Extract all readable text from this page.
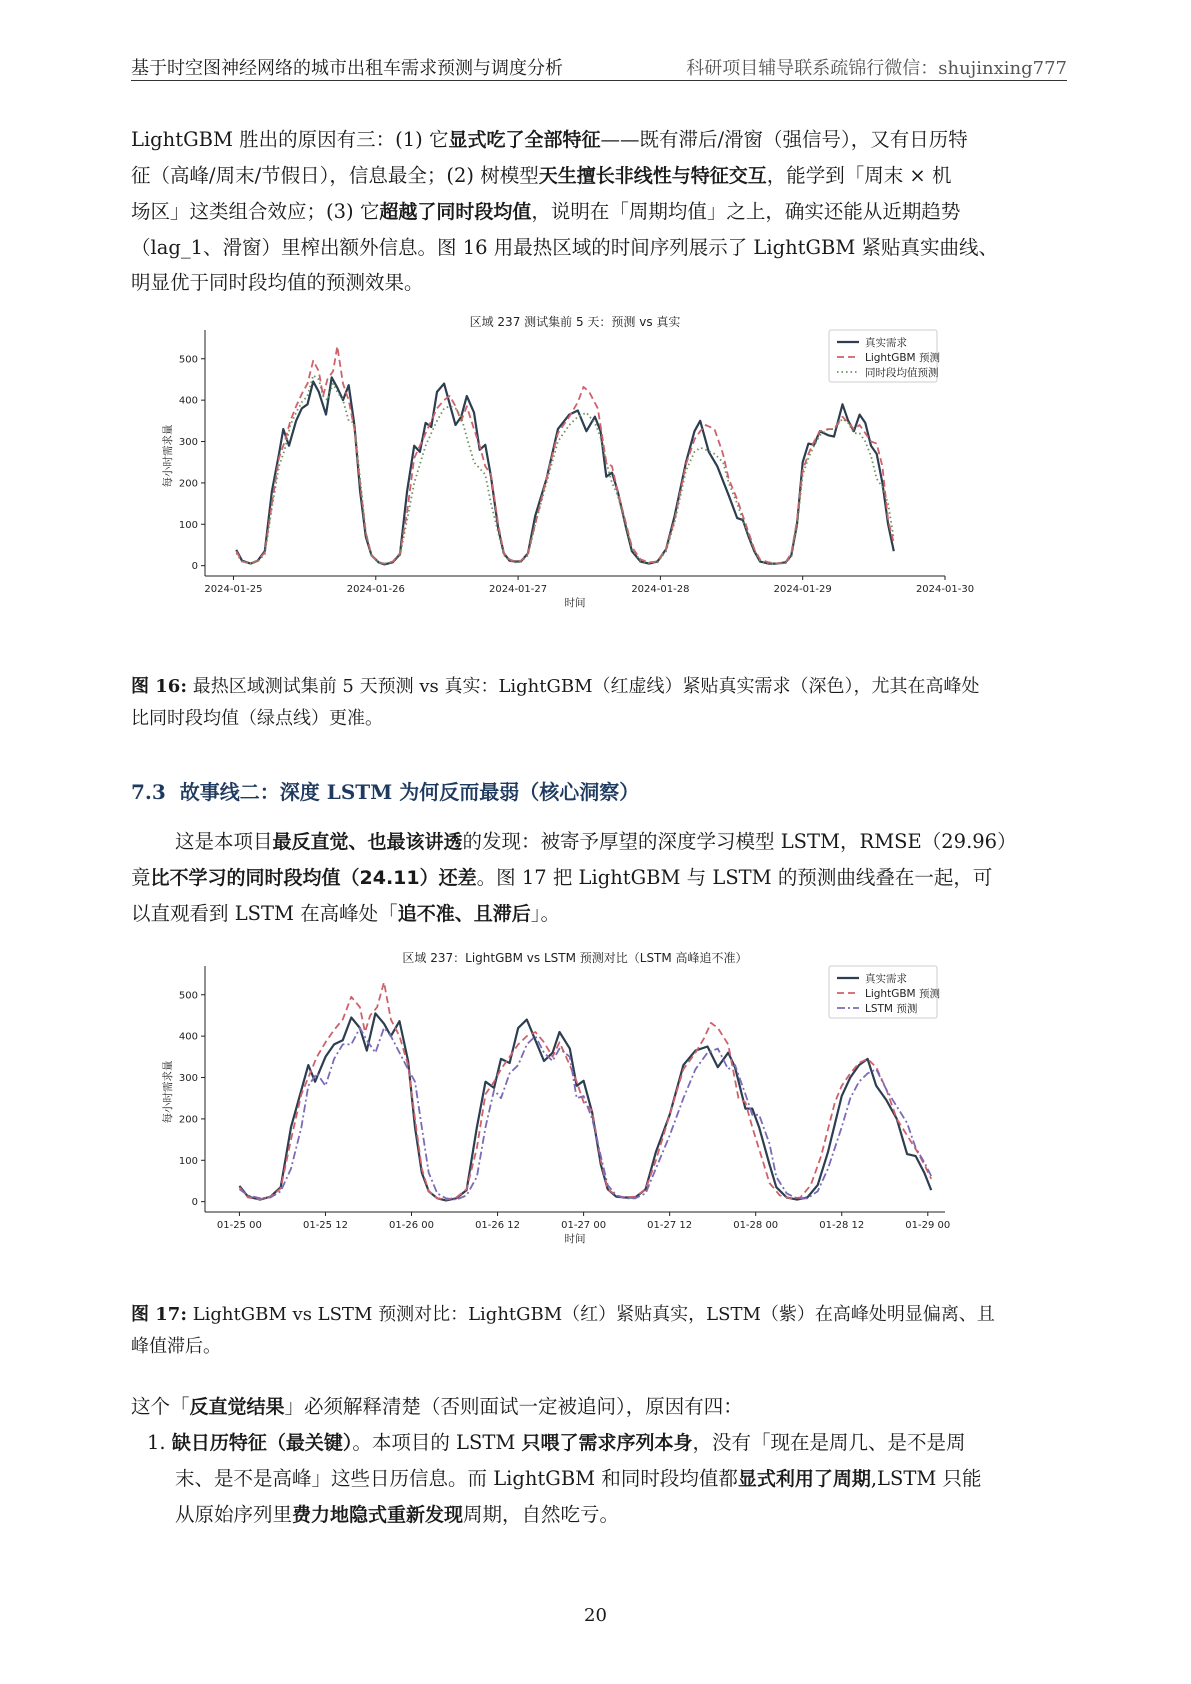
基于时空图神经网络的城市出租车需求预测与调度分析	科研项目辅导联系疏锦行微信：shujinxing777
LightGBM 胜出的原因有三：(1) 它显式吃了全部特征——既有滞后/滑窗（强信号），又有日历特
征（高峰/周末/节假日），信息最全；(2) 树模型天生擅长非线性与特征交互，能学到「周末 × 机
场区」这类组合效应；(3) 它超越了同时段均值，说明在「周期均值」之上，确实还能从近期趋势
（lag_1、滑窗）里榨出额外信息。图 16 用最热区域的时间序列展示了 LightGBM 紧贴真实曲线、
明显优于同时段均值的预测效果。
区域 237 测试集前 5 天：预测 vs 真实
0
100
200
300
400
500
2024-01-25	2024-01-26	2024-01-27	2024-01-28	2024-01-29	2024-01-30
时间
每小时需求量
真实需求
LightGBM 预测
同时段均值预测
图 16: 最热区域测试集前 5 天预测 vs 真实：LightGBM（红虚线）紧贴真实需求（深色），尤其在高峰处
比同时段均值（绿点线）更准。
7.3 故事线二：深度 LSTM 为何反而最弱（核心洞察）
这是本项目最反直觉、也最该讲透的发现：被寄予厚望的深度学习模型 LSTM，RMSE（29.96）
竟比不学习的同时段均值（24.11）还差。图 17 把 LightGBM 与 LSTM 的预测曲线叠在一起，可
以直观看到 LSTM 在高峰处「追不准、且滞后」。
区域 237：LightGBM vs LSTM 预测对比（LSTM 高峰追不准）
0
100
200
300
400
500
01-25 00	01-25 12	01-26 00	01-26 12	01-27 00	01-27 12	01-28 00	01-28 12	01-29 00
时间
每小时需求量
真实需求
LightGBM 预测
LSTM 预测
图 17: LightGBM vs LSTM 预测对比：LightGBM（红）紧贴真实，LSTM（紫）在高峰处明显偏离、且
峰值滞后。
这个「反直觉结果」必须解释清楚（否则面试一定被追问），原因有四：
1. 缺日历特征（最关键）。本项目的 LSTM 只喂了需求序列本身，没有「现在是周几、是不是周
末、是不是高峰」这些日历信息。而 LightGBM 和同时段均值都显式利用了周期,LSTM 只能
从原始序列里费力地隐式重新发现周期，自然吃亏。
20
